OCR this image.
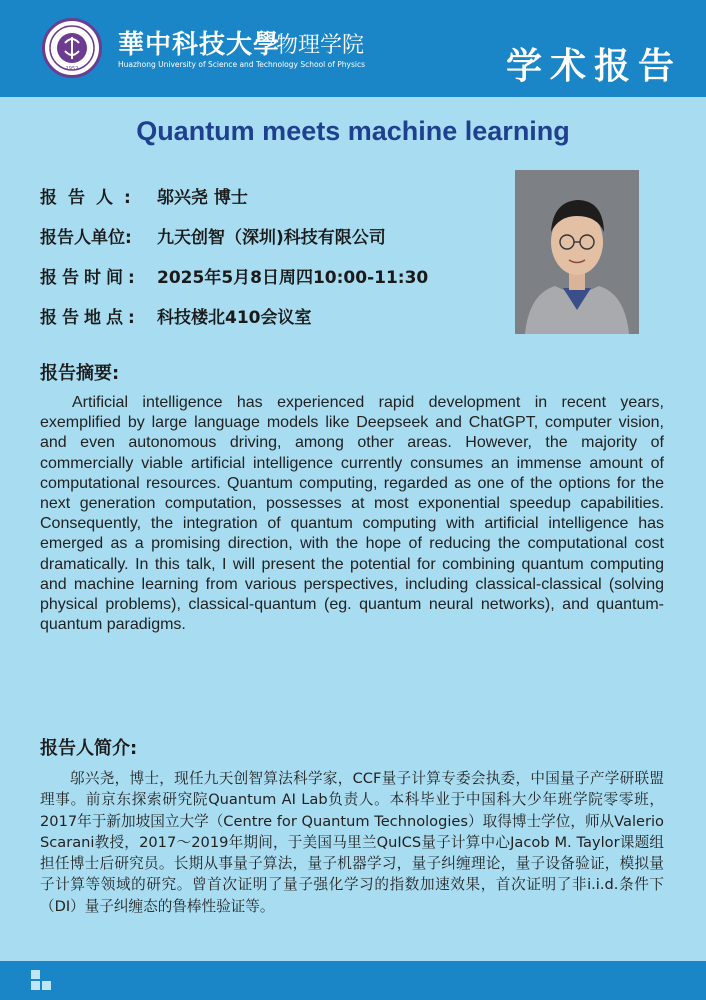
1952
華中科技大學
物理学院
Huazhong University of Science and Technology School of Physics	学术报告
Quantum meets machine learning
报告人: 邬兴尧 博士
报告人单位: 九天创智（深圳)科技有限公司
报告时间: 2025年5月8日周四10:00-11:30
报告地点: 科技楼北410会议室
报告摘要:
Artificial intelligence has experienced rapid development in recent years, exemplified by large language models like Deepseek and ChatGPT, computer vision, and even autonomous driving, among other areas. However, the majority of commercially viable artificial intelligence currently consumes an immense amount of computational resources. Quantum computing, regarded as one of the options for the next generation computation, possesses at most exponential speedup capabilities. Consequently, the integration of quantum computing with artificial intelligence has emerged as a promising direction, with the hope of reducing the computational cost dramatically. In this talk, I will present the potential for combining quantum computing and machine learning from various perspectives, including classical-classical (solving physical problems), classical-quantum (eg. quantum neural networks), and quantum-quantum paradigms.
报告人简介:
邬兴尧，博士，现任九天创智算法科学家，CCF量子计算专委会执委，中国量子产学研联盟理事。前京东探索研究院Quantum AI Lab负责人。本科毕业于中国科大少年班学院零零班，2017年于新加坡国立大学（Centre for Quantum Technologies）取得博士学位，师从Valerio Scarani教授，2017～2019年期间，于美国马里兰QuICS量子计算中心Jacob M. Taylor课题组担任博士后研究员。长期从事量子算法，量子机器学习，量子纠缠理论，量子设备验证，模拟量子计算等领域的研究。曾首次证明了量子强化学习的指数加速效果，首次证明了非i.i.d.条件下（DI）量子纠缠态的鲁棒性验证等。
